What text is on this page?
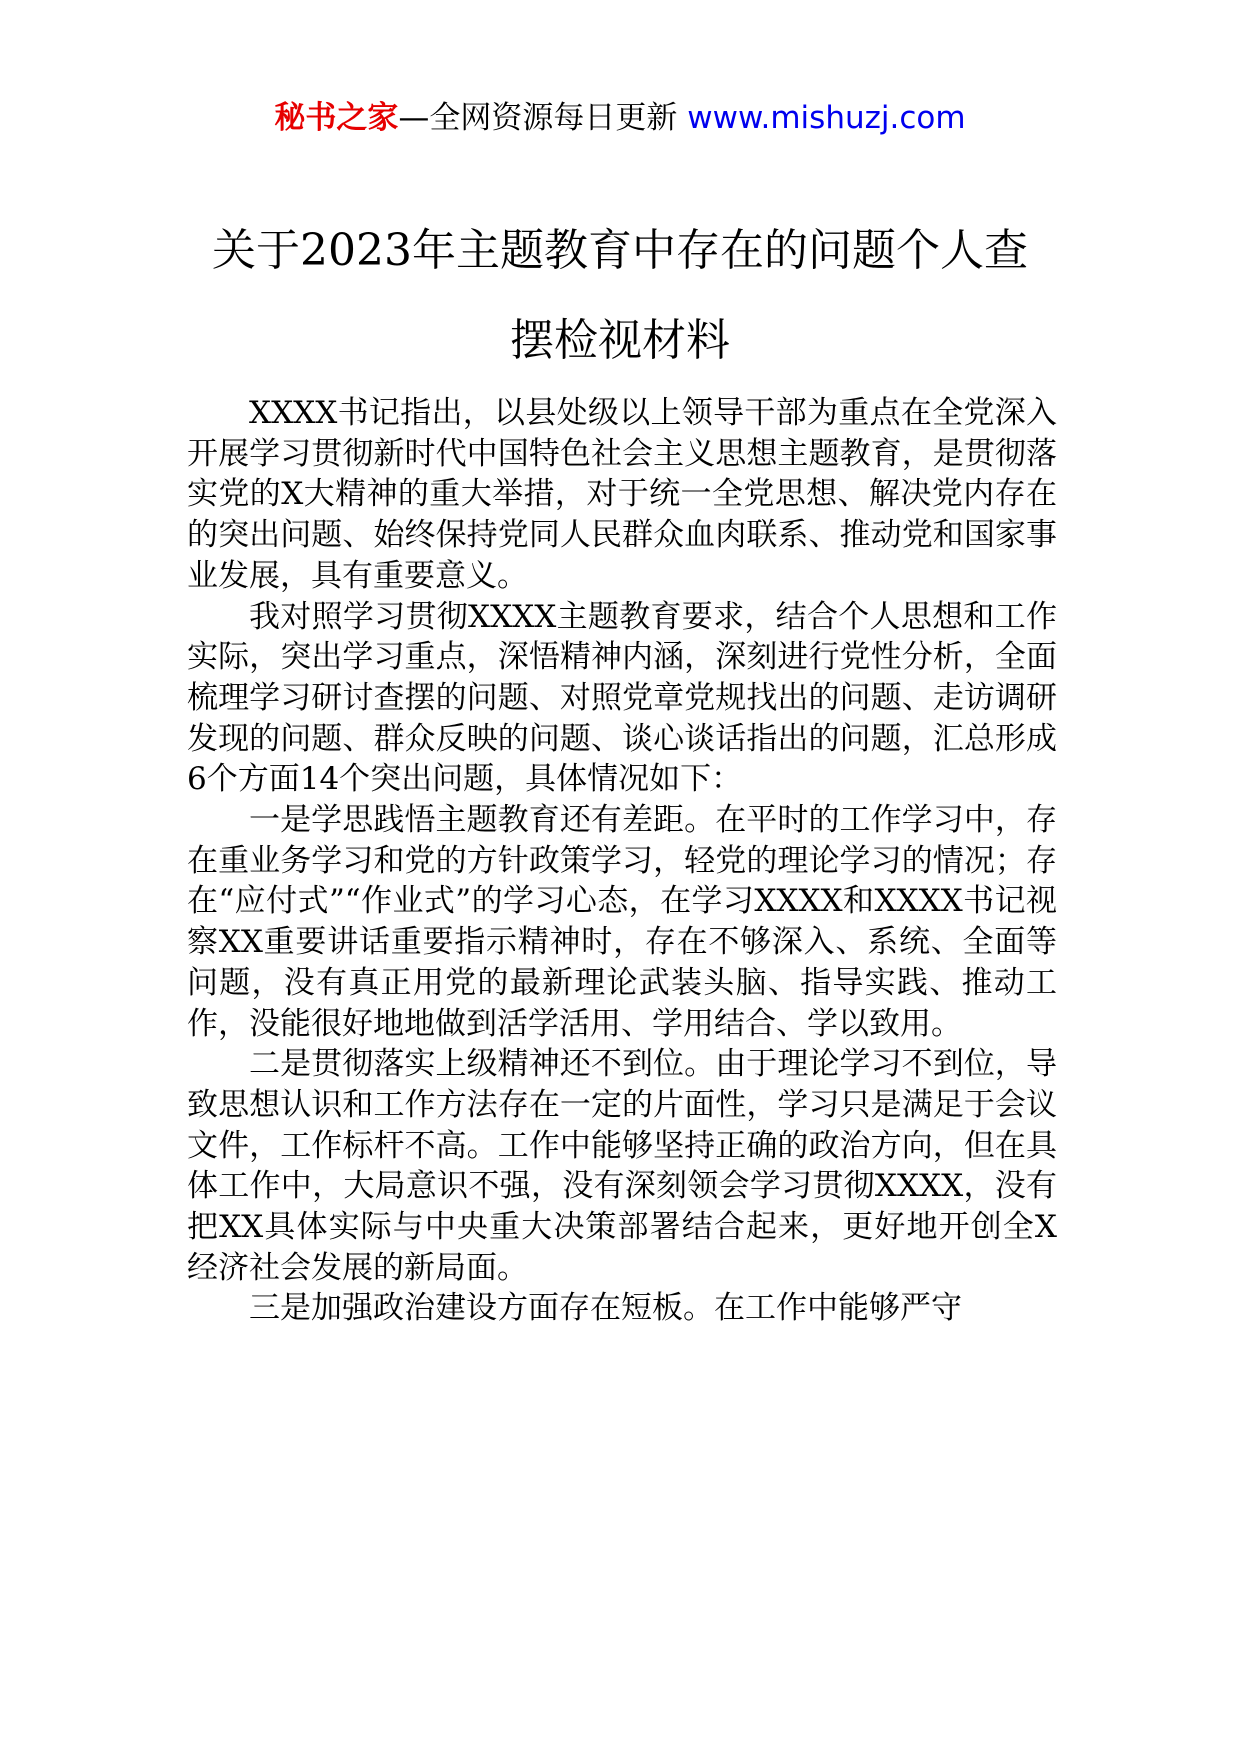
秘书之家—全网资源每日更新 www.mishuzj.com
关于2023年主题教育中存在的问题个人查
摆检视材料

XXXX书记指出，以县处级以上领导干部为重点在全党深入开展学习贯彻新时代中国特色社会主义思想主题教育，是贯彻落实党的X大精神的重大举措，对于统一全党思想、解决党内存在的突出问题、始终保持党同人民群众血肉联系、推动党和国家事业发展，具有重要意义。

我对照学习贯彻XXXX主题教育要求，结合个人思想和工作实际，突出学习重点，深悟精神内涵，深刻进行党性分析，全面梳理学习研讨查摆的问题、对照党章党规找出的问题、走访调研发现的问题、群众反映的问题、谈心谈话指出的问题，汇总形成6个方面14个突出问题，具体情况如下：

一是学思践悟主题教育还有差距。在平时的工作学习中，存在重业务学习和党的方针政策学习，轻党的理论学习的情况；存在“应付式”“作业式”的学习心态，在学习XXXX和XXXX书记视察XX重要讲话重要指示精神时，存在不够深入、系统、全面等问题，没有真正用党的最新理论武装头脑、指导实践、推动工作，没能很好地地做到活学活用、学用结合、学以致用。

二是贯彻落实上级精神还不到位。由于理论学习不到位，导致思想认识和工作方法存在一定的片面性，学习只是满足于会议文件，工作标杆不高。工作中能够坚持正确的政治方向，但在具体工作中，大局意识不强，没有深刻领会学习贯彻XXXX，没有把XX具体实际与中央重大决策部署结合起来，更好地开创全X经济社会发展的新局面。

三是加强政治建设方面存在短板。在工作中能够严守
